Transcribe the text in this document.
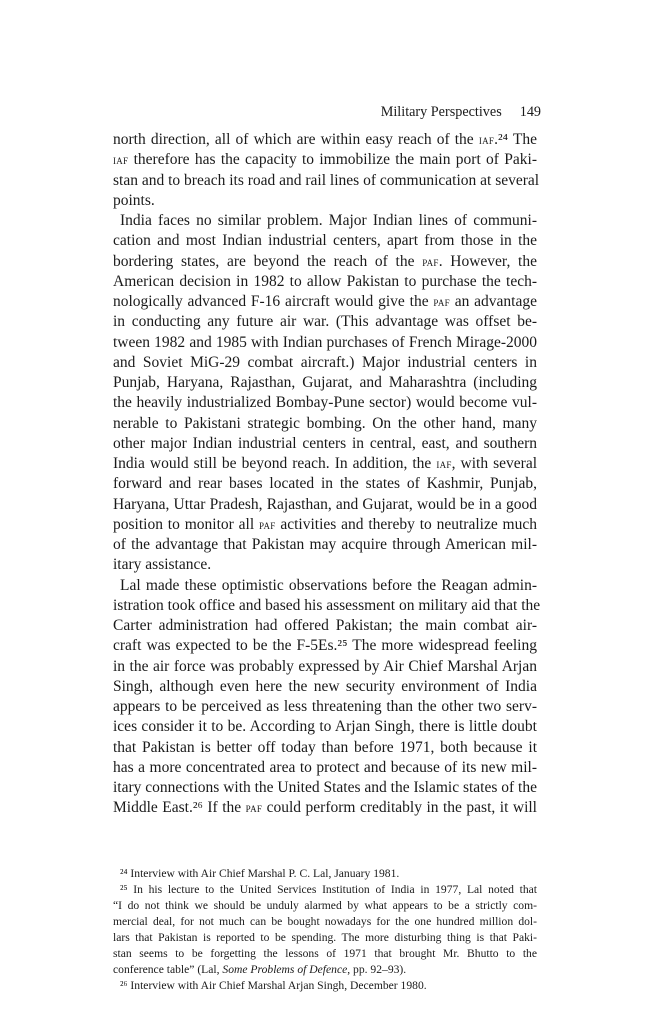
Military Perspectives 149
north direction, all of which are within easy reach of the iaf.²⁴ The
iaf therefore has the capacity to immobilize the main port of Paki-
stan and to breach its road and rail lines of communication at several
points.
India faces no similar problem. Major Indian lines of communi-
cation and most Indian industrial centers, apart from those in the
bordering states, are beyond the reach of the paf. However, the
American decision in 1982 to allow Pakistan to purchase the tech-
nologically advanced F-16 aircraft would give the paf an advantage
in conducting any future air war. (This advantage was offset be-
tween 1982 and 1985 with Indian purchases of French Mirage-2000
and Soviet MiG-29 combat aircraft.) Major industrial centers in
Punjab, Haryana, Rajasthan, Gujarat, and Maharashtra (including
the heavily industrialized Bombay-Pune sector) would become vul-
nerable to Pakistani strategic bombing. On the other hand, many
other major Indian industrial centers in central, east, and southern
India would still be beyond reach. In addition, the iaf, with several
forward and rear bases located in the states of Kashmir, Punjab,
Haryana, Uttar Pradesh, Rajasthan, and Gujarat, would be in a good
position to monitor all paf activities and thereby to neutralize much
of the advantage that Pakistan may acquire through American mil-
itary assistance.
Lal made these optimistic observations before the Reagan admin-
istration took office and based his assessment on military aid that the
Carter administration had offered Pakistan; the main combat air-
craft was expected to be the F-5Es.²⁵ The more widespread feeling
in the air force was probably expressed by Air Chief Marshal Arjan
Singh, although even here the new security environment of India
appears to be perceived as less threatening than the other two serv-
ices consider it to be. According to Arjan Singh, there is little doubt
that Pakistan is better off today than before 1971, both because it
has a more concentrated area to protect and because of its new mil-
itary connections with the United States and the Islamic states of the
Middle East.²⁶ If the paf could perform creditably in the past, it will
²⁴ Interview with Air Chief Marshal P. C. Lal, January 1981.
²⁵ In his lecture to the United Services Institution of India in 1977, Lal noted that
“I do not think we should be unduly alarmed by what appears to be a strictly com-
mercial deal, for not much can be bought nowadays for the one hundred million dol-
lars that Pakistan is reported to be spending. The more disturbing thing is that Paki-
stan seems to be forgetting the lessons of 1971 that brought Mr. Bhutto to the
conference table” (Lal, Some Problems of Defence, pp. 92–93).
²⁶ Interview with Air Chief Marshal Arjan Singh, December 1980.
